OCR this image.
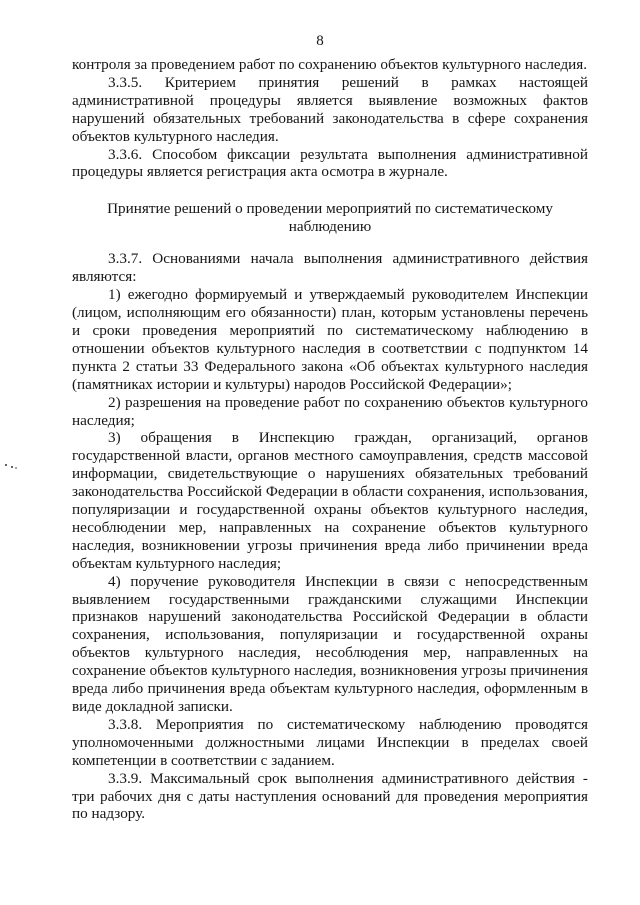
8

контроля за проведением работ по сохранению объектов культурного наследия.

3.3.5. Критерием принятия решений в рамках настоящей административной процедуры является выявление возможных фактов нарушений обязательных требований законодательства в сфере сохранения объектов культурного наследия.

3.3.6. Способом фиксации результата выполнения административной процедуры является регистрация акта осмотра в журнале.

Принятие решений о проведении мероприятий по систематическому наблюдению

3.3.7. Основаниями начала выполнения административного действия являются:

1) ежегодно формируемый и утверждаемый руководителем Инспекции (лицом, исполняющим его обязанности) план, которым установлены перечень и сроки проведения мероприятий по систематическому наблюдению в отношении объектов культурного наследия в соответствии с подпунктом 14 пункта 2 статьи 33 Федерального закона «Об объектах культурного наследия (памятниках истории и культуры) народов Российской Федерации»;

2) разрешения на проведение работ по сохранению объектов культурного наследия;

3) обращения в Инспекцию граждан, организаций, органов государственной власти, органов местного самоуправления, средств массовой информации, свидетельствующие о нарушениях обязательных требований законодательства Российской Федерации в области сохранения, использования, популяризации и государственной охраны объектов культурного наследия, несоблюдении мер, направленных на сохранение объектов культурного наследия, возникновении угрозы причинения вреда либо причинении вреда объектам культурного наследия;

4) поручение руководителя Инспекции в связи с непосредственным выявлением государственными гражданскими служащими Инспекции признаков нарушений законодательства Российской Федерации в области сохранения, использования, популяризации и государственной охраны объектов культурного наследия, несоблюдения мер, направленных на сохранение объектов культурного наследия, возникновения угрозы причинения вреда либо причинения вреда объектам культурного наследия, оформленным в виде докладной записки.

3.3.8. Мероприятия по систематическому наблюдению проводятся уполномоченными должностными лицами Инспекции в пределах своей компетенции в соответствии с заданием.

3.3.9. Максимальный срок выполнения административного действия - три рабочих дня с даты наступления оснований для проведения мероприятия по надзору.
